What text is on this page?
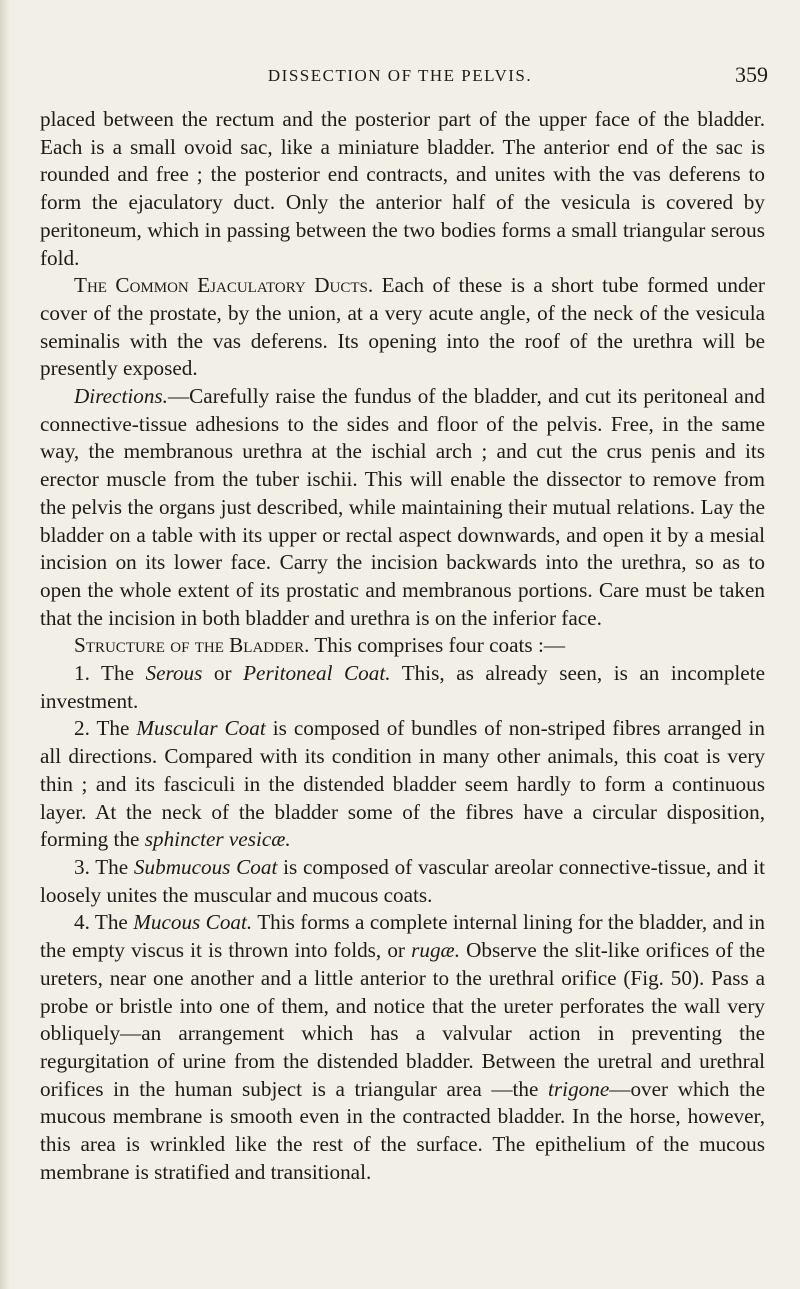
DISSECTION OF THE PELVIS.	359

placed between the rectum and the posterior part of the upper face of the bladder. Each is a small ovoid sac, like a miniature bladder. The anterior end of the sac is rounded and free ; the posterior end contracts, and unites with the vas deferens to form the ejaculatory duct. Only the anterior half of the vesicula is covered by peritoneum, which in passing between the two bodies forms a small triangular serous fold.

The Common Ejaculatory Ducts. Each of these is a short tube formed under cover of the prostate, by the union, at a very acute angle, of the neck of the vesicula seminalis with the vas deferens. Its opening into the roof of the urethra will be presently exposed.

Directions.—Carefully raise the fundus of the bladder, and cut its peritoneal and connective-tissue adhesions to the sides and floor of the pelvis. Free, in the same way, the membranous urethra at the ischial arch ; and cut the crus penis and its erector muscle from the tuber ischii. This will enable the dissector to remove from the pelvis the organs just described, while maintaining their mutual relations. Lay the bladder on a table with its upper or rectal aspect downwards, and open it by a mesial incision on its lower face. Carry the incision backwards into the urethra, so as to open the whole extent of its prostatic and membranous portions. Care must be taken that the incision in both bladder and urethra is on the inferior face.

Structure of the Bladder. This comprises four coats :—

1. The Serous or Peritoneal Coat. This, as already seen, is an incomplete investment.

2. The Muscular Coat is composed of bundles of non-striped fibres arranged in all directions. Compared with its condition in many other animals, this coat is very thin ; and its fasciculi in the distended bladder seem hardly to form a continuous layer. At the neck of the bladder some of the fibres have a circular disposition, forming the sphincter vesicæ.

3. The Submucous Coat is composed of vascular areolar connective-tissue, and it loosely unites the muscular and mucous coats.

4. The Mucous Coat. This forms a complete internal lining for the bladder, and in the empty viscus it is thrown into folds, or rugæ. Observe the slit-like orifices of the ureters, near one another and a little anterior to the urethral orifice (Fig. 50). Pass a probe or bristle into one of them, and notice that the ureter perforates the wall very obliquely—an arrangement which has a valvular action in preventing the regurgitation of urine from the distended bladder. Between the uretral and urethral orifices in the human subject is a triangular area —the trigone—over which the mucous membrane is smooth even in the contracted bladder. In the horse, however, this area is wrinkled like the rest of the surface. The epithelium of the mucous membrane is stratified and transitional.
